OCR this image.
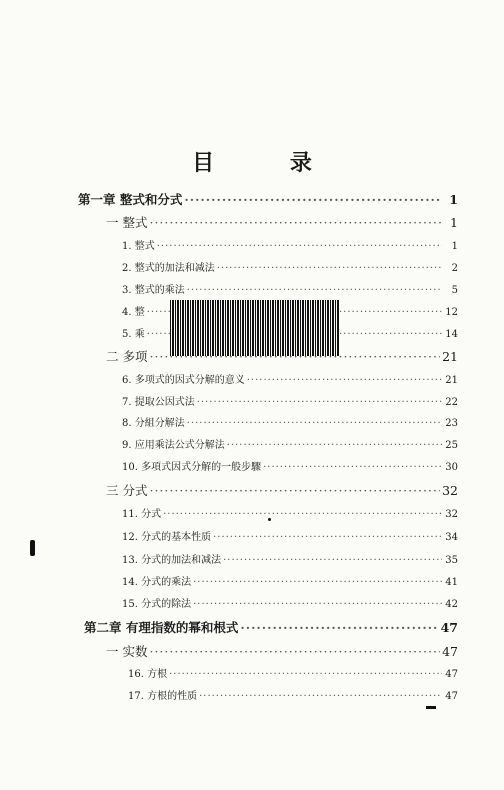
目 录
第一章 整式和分式 ·····	1
一 整式 ·····	1
1. 整式 ·····	1
2. 整式的加法和减法 ·····	2
3. 整式的乘法 ·····	5
4. 整 ·····	12
5. 乘 ·····	14
二 多项 ·····	21
6. 多项式的因式分解的意义 ·····	21
7. 提取公因式法 ·····	22
8. 分組分解法 ·····	23
9. 应用乘法公式分解法 ·····	25
10. 多項式因式分解的一般步驟 ·····	30
三 分式 ·····	32
11. 分式 ·····	32
12. 分式的基本性质 ·····	34
13. 分式的加法和减法 ·····	35
14. 分式的乘法 ·····	41
15. 分式的除法 ·····	42
第二章 有理指数的幂和根式 ·····	47
一 实数 ·····	47
16. 方根 ·····	47
17. 方根的性质 ·····	47
